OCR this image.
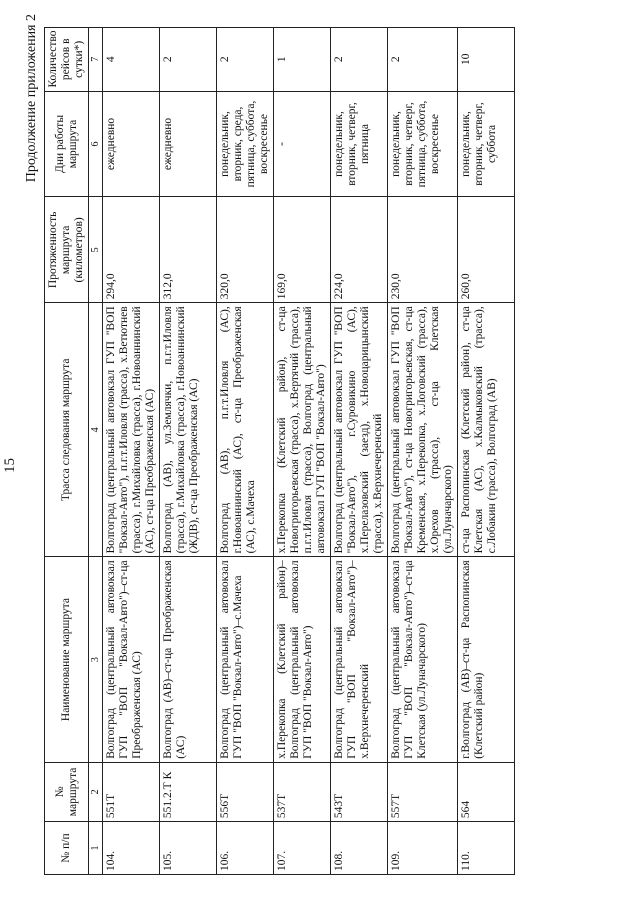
15
Продолжение приложения 2
№ п/п	№ маршрута	Наименование маршрута	Трасса следования маршрута	Протяженность маршрута (километров)	Дни работы маршрута	Количество рейсов в сутки*)
1	2	3	4	5	6	7
104.	551Т	Волгоград (центральный автовокзал ГУП "ВОП "Вокзал-Авто")–ст-ца Преображенская (АС)	Волгоград (центральный автовокзал ГУП "ВОП "Вокзал-Авто"), п.г.т.Иловля (трасса), х.Ветютнев (трасса), г.Михайловка (трасса), г.Новоаннинский (АС), ст-ца Преображенская (АС)	294,0	ежедневно	4
105.	551.2.Т К	Волгоград (АВ)–ст-ца Преображенская (АС)	Волгоград (АВ), ул.Землячки, п.г.т.Иловля (трасса), г.Михайловка (трасса), г.Новоаннинский (ЖДВ), ст-ца Преображенская (АС)	312,0	ежедневно	2
106.	556Т	Волгоград (центральный автовокзал ГУП "ВОП "Вокзал-Авто")–с.Мачеха	Волгоград (АВ), п.г.т.Иловля (АС), г.Новоаннинский (АС), ст-ца Преображенская (АС), с.Мачеха	320,0	понедельник, вторник, среда, пятница, суббота, воскресенье	2
107.	537Т	х.Перекопка (Клетский район)–Волгоград (центральный автовокзал ГУП "ВОП "Вокзал-Авто")	х.Перекопка (Клетский район), ст-ца Новогригорьевская (трасса), х.Вертячий (трасса), п.г.т.Иловля (трасса), Волгоград (центральный автовокзал ГУП "ВОП "Вокзал-Авто")	169,0	-	1
108.	543Т	Волгоград (центральный автовокзал ГУП "ВОП "Вокзал-Авто")–х.Верхнечеренский	Волгоград (центральный автовокзал ГУП "ВОП "Вокзал-Авто"), г.Суровикино (АС), х.Перелазовский (заезд), х.Новоцарицынский (трасса), х.Верхнечеренский	224,0	понедельник, вторник, четверг, пятница	2
109.	557Т	Волгоград (центральный автовокзал ГУП "ВОП "Вокзал-Авто")–ст-ца Клетская (ул.Луначарского)	Волгоград (центральный автовокзал ГУП "ВОП "Вокзал-Авто"), ст-ца Новогригорьевская, ст-ца Кременская, х.Перекопка, х.Логовский (трасса), х.Орехов (трасса), ст-ца Клетская (ул.Луначарского)	230,0	понедельник, вторник, четверг, пятница, суббота, воскресенье	2
110.	564	г.Волгоград (АВ)–ст-ца Распопинская (Клетский район)	ст-ца Распопинская (Клетский район), ст-ца Клетская (АС), х.Калмыковский (трасса), с.Лобакин (трасса), Волгоград (АВ)	260,0	понедельник, вторник, четверг, суббота	10
